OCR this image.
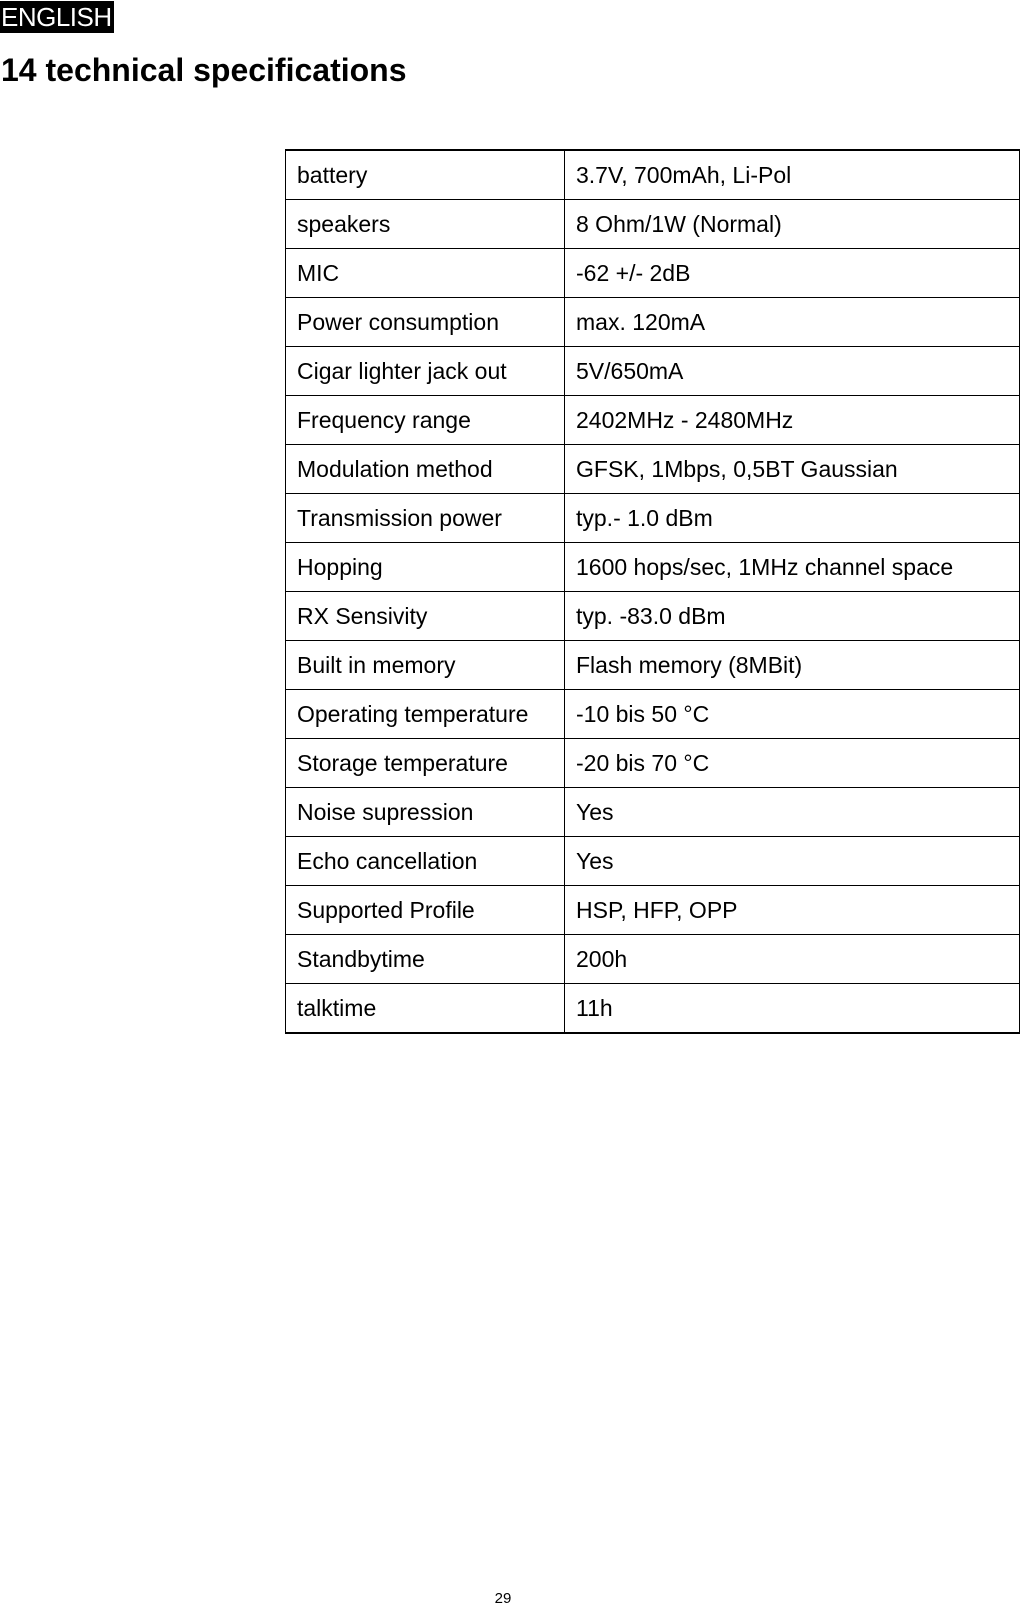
ENGLISH
14 technical specifications
battery	3.7V, 700mAh, Li-Pol
speakers	8 Ohm/1W (Normal)
MIC	-62 +/- 2dB
Power consumption	max. 120mA
Cigar lighter jack out	5V/650mA
Frequency range	2402MHz - 2480MHz
Modulation method	GFSK, 1Mbps, 0,5BT Gaussian
Transmission power	typ.- 1.0 dBm
Hopping	1600 hops/sec, 1MHz channel space
RX Sensivity	typ. -83.0 dBm
Built in memory	Flash memory (8MBit)
Operating temperature	-10 bis 50 °C
Storage temperature	-20 bis 70 °C
Noise supression	Yes
Echo cancellation	Yes
Supported Profile	HSP, HFP, OPP
Standbytime	200h
talktime	11h
29
